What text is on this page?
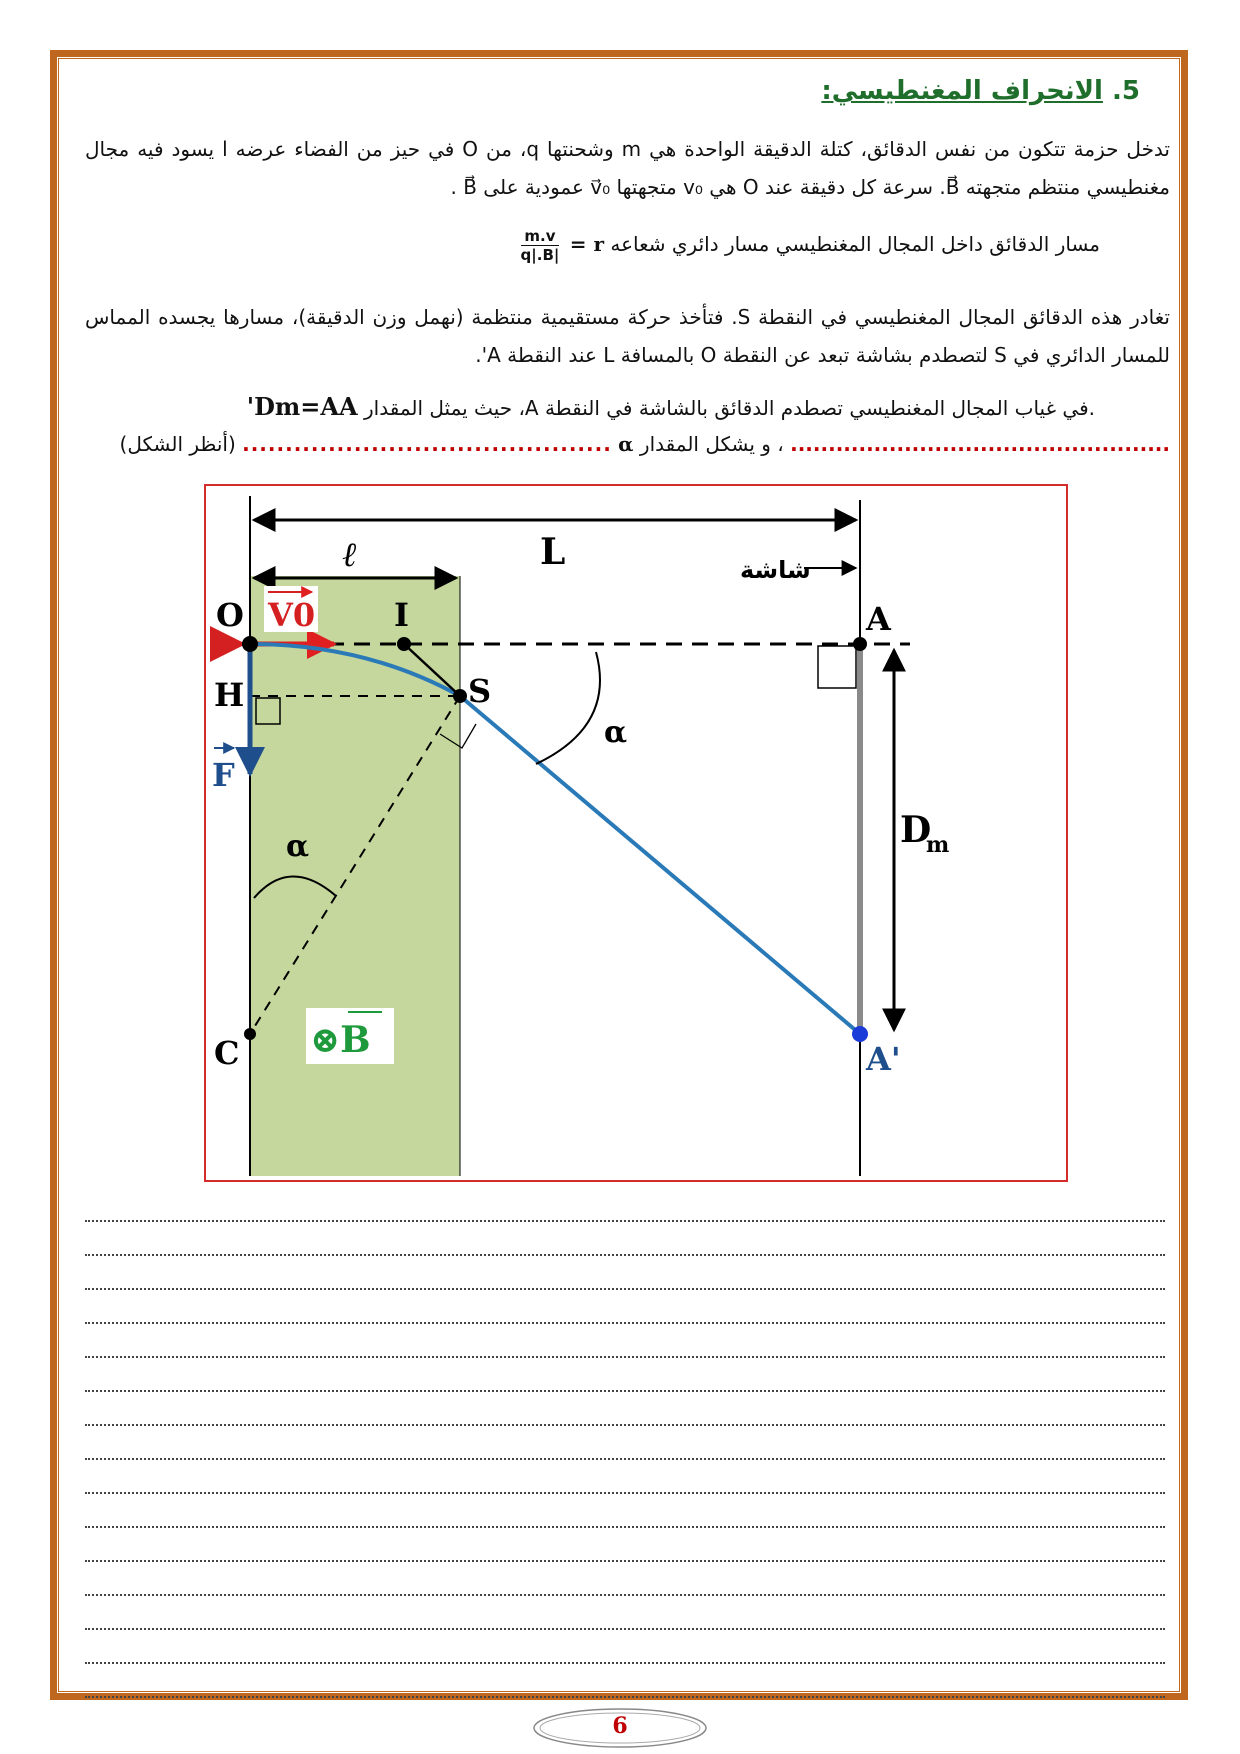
5. الانحراف المغنطيسي:
تدخل حزمة تتكون من نفس الدقائق، كتلة الدقيقة الواحدة هي m وشحنتها q، من O في حيز من الفضاء عرضه l يسود فيه مجال مغنطيسي منتظم متجهته B⃗. سرعة كل دقيقة عند O هي v₀ متجهتها v⃗₀ عمودية على B⃗ .
مسار الدقائق داخل المجال المغنطيسي مسار دائري شعاعه r =
$\frac{m.v}{|q|.B}$
تغادر هذه الدقائق المجال المغنطيسي في النقطة S. فتأخذ حركة مستقيمية منتظمة (نهمل وزن الدقيقة)، مسارها يجسده المماس للمسار الدائري في S لتصطدم بشاشة تبعد عن النقطة O بالمسافة L عند النقطة A'.
.في غياب المجال المغنطيسي تصطدم الدقائق بالشاشة في النقطة A، حيث يمثل المقدار Dm=AA'
.................................................. ، و يشكل المقدار α ........................................... (أنظر الشكل)
L
ℓ	شاشة
V0
F
α
α
D
m
O	I	A
H	S
C	A'
⊗B
6
